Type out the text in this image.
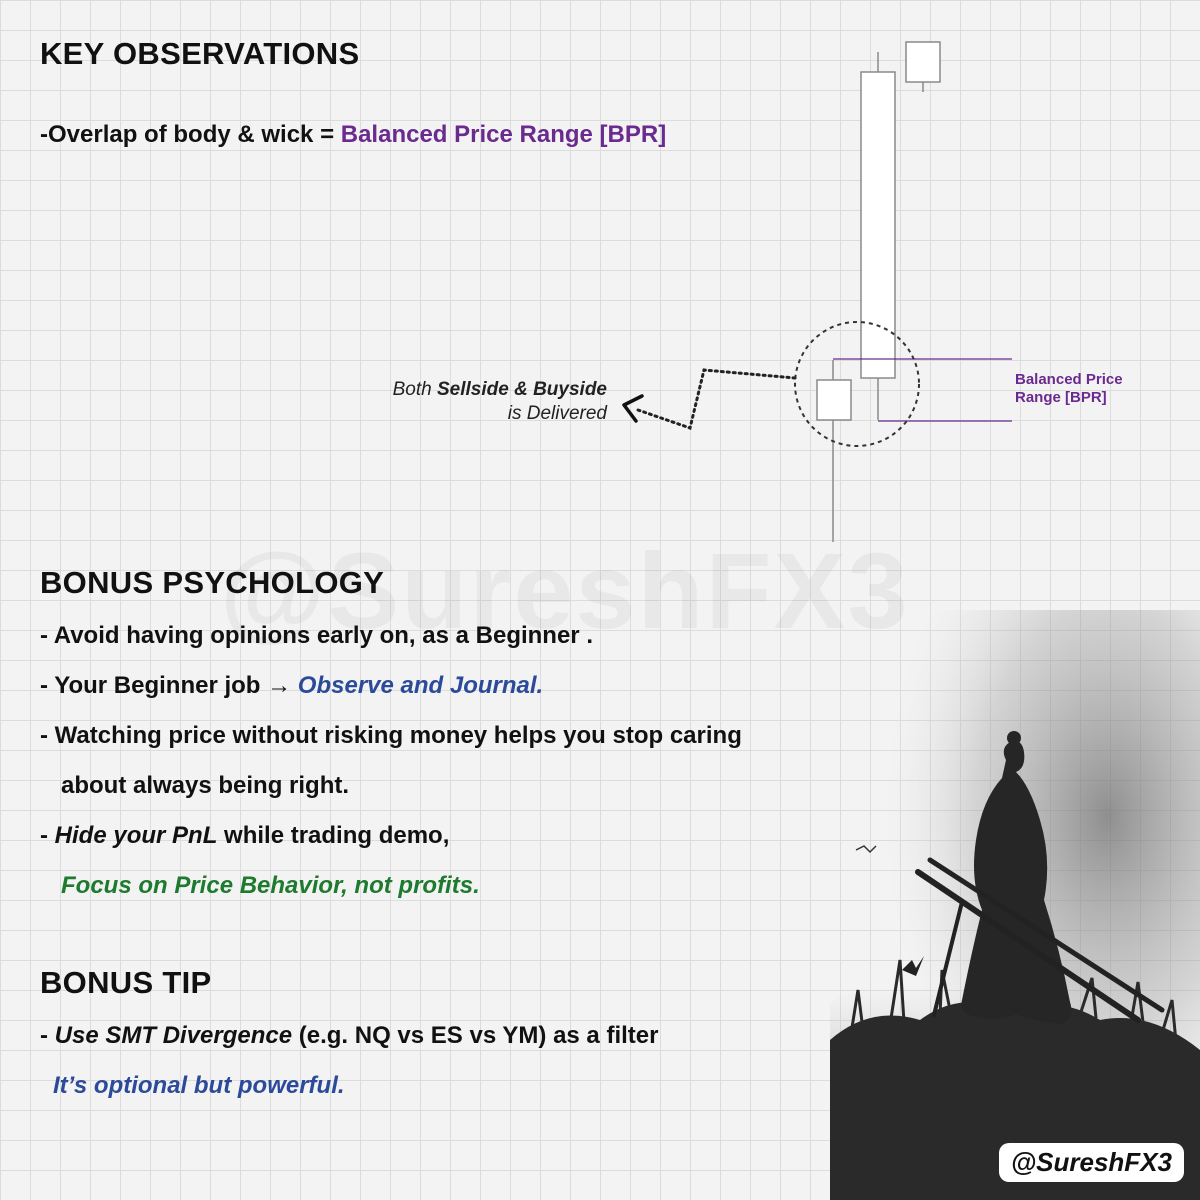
KEY OBSERVATIONS
-Overlap of body & wick = Balanced Price Range [BPR]
Both Sellside & Buyside
is Delivered
Balanced Price
Range [BPR]
BONUS PSYCHOLOGY
- Avoid having opinions early on, as a Beginner .
- Your Beginner job → Observe and Journal.
- Watching price without risking money helps you stop caring
about always being right.
- Hide your PnL while trading demo,
Focus on Price Behavior, not profits.
BONUS TIP
- Use SMT Divergence (e.g. NQ vs ES vs YM) as a filter
It’s optional but powerful.
@SureshFX3
